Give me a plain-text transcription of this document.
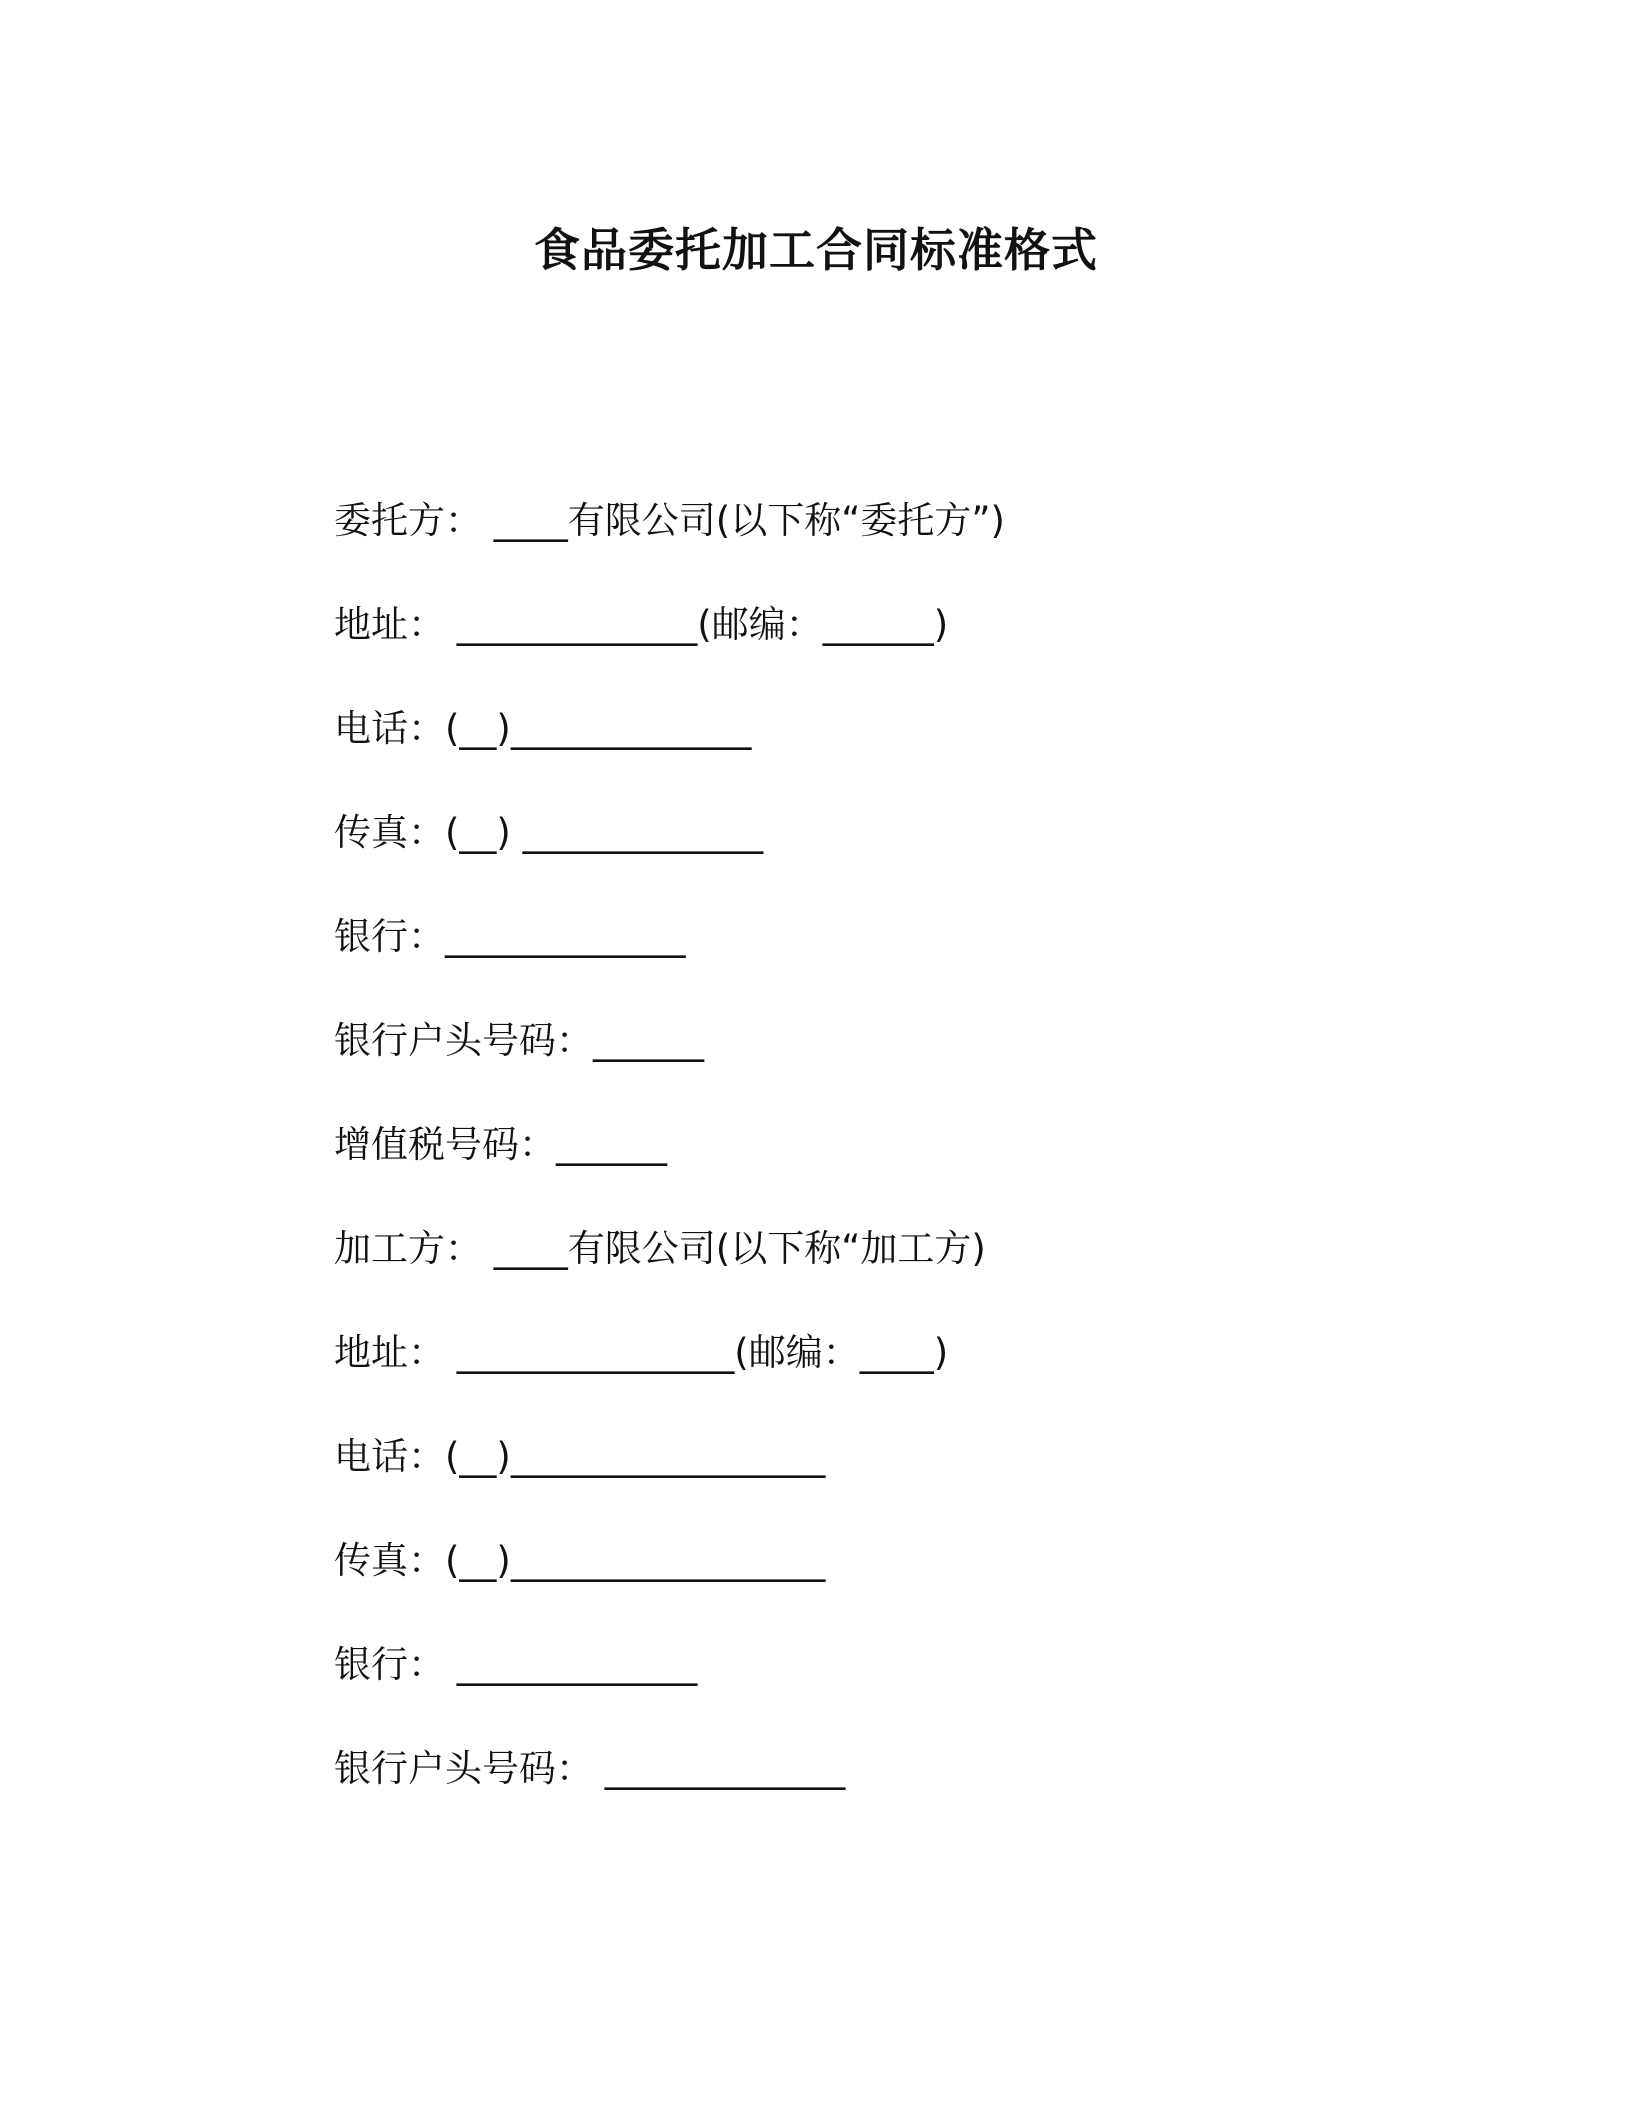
食品委托加工合同标准格式
委托方： ____有限公司(以下称“委托方”)
地址： _____________(邮编：______)
电话：(__)_____________
传真：(__) _____________
银行：_____________
银行户头号码：______
增值税号码：______
加工方： ____有限公司(以下称“加工方)
地址： _______________(邮编：____)
电话：(__)_________________
传真：(__)_________________
银行： _____________
银行户头号码： _____________
